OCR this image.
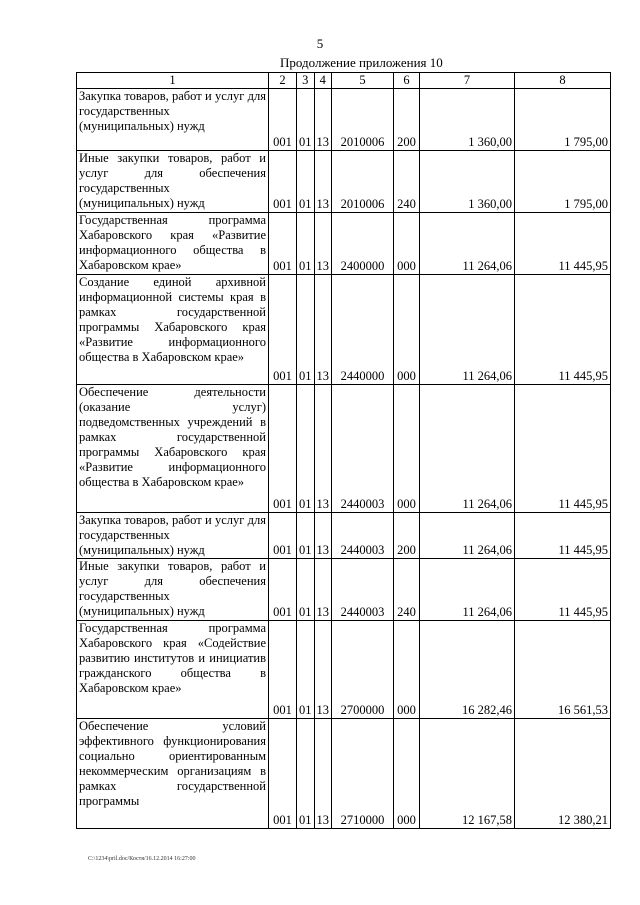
5
Продолжение приложения 10
1	2	3	4	5	6	7	8
Закупка товаров, работ и услуг для государственных (муниципальных) нужд	001	01	13	2010006	200	1 360,00	1 795,00
Иные закупки товаров, работ и услуг для обеспечения государственных (муниципальных) нужд	001	01	13	2010006	240	1 360,00	1 795,00
Государственная программа Хабаровского края «Развитие информационного общества в Хабаровском крае»	001	01	13	2400000	000	11 264,06	11 445,95
Создание единой архивной информационной системы края в рамках государственной программы Хабаровского края «Развитие информационного общества в Хабаровском крае»	001	01	13	2440000	000	11 264,06	11 445,95
Обеспечение деятельности (оказание услуг) подведомственных учреждений в рамках государственной программы Хабаровского края «Развитие информационного общества в Хабаровском крае»	001	01	13	2440003	000	11 264,06	11 445,95
Закупка товаров, работ и услуг для государственных (муниципальных) нужд	001	01	13	2440003	200	11 264,06	11 445,95
Иные закупки товаров, работ и услуг для обеспечения государственных (муниципальных) нужд	001	01	13	2440003	240	11 264,06	11 445,95
Государственная программа Хабаровского края «Содействие развитию институтов и инициатив гражданского общества в Хабаровском крае»	001	01	13	2700000	000	16 282,46	16 561,53
Обеспечение условий эффективного функционирования социально ориентированным некоммерческим организациям в рамках государственной программы	001	01	13	2710000	000	12 167,58	12 380,21
C:\1234\pril.doc/Костя/16.12.2014 16:27:00
